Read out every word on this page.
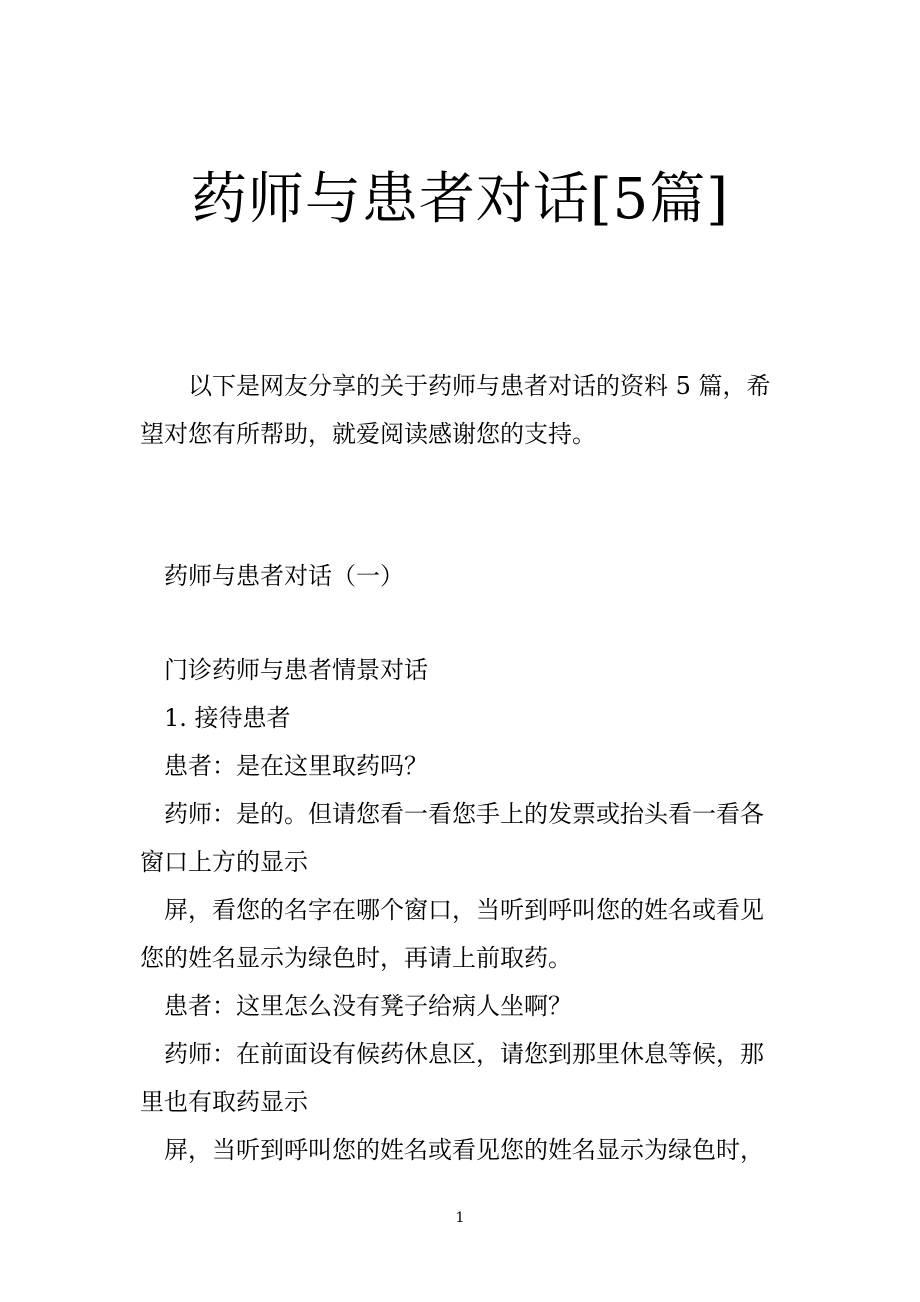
药师与患者对话[5篇]
以下是网友分享的关于药师与患者对话的资料 5 篇，希
望对您有所帮助，就爱阅读感谢您的支持。
药师与患者对话（一）
门诊药师与患者情景对话
1. 接待患者
患者：是在这里取药吗？
药师：是的。但请您看一看您手上的发票或抬头看一看各
窗口上方的显示
屏，看您的名字在哪个窗口，当听到呼叫您的姓名或看见
您的姓名显示为绿色时，再请上前取药。
患者：这里怎么没有凳子给病人坐啊？
药师：在前面设有候药休息区，请您到那里休息等候，那
里也有取药显示
屏，当听到呼叫您的姓名或看见您的姓名显示为绿色时，
1
